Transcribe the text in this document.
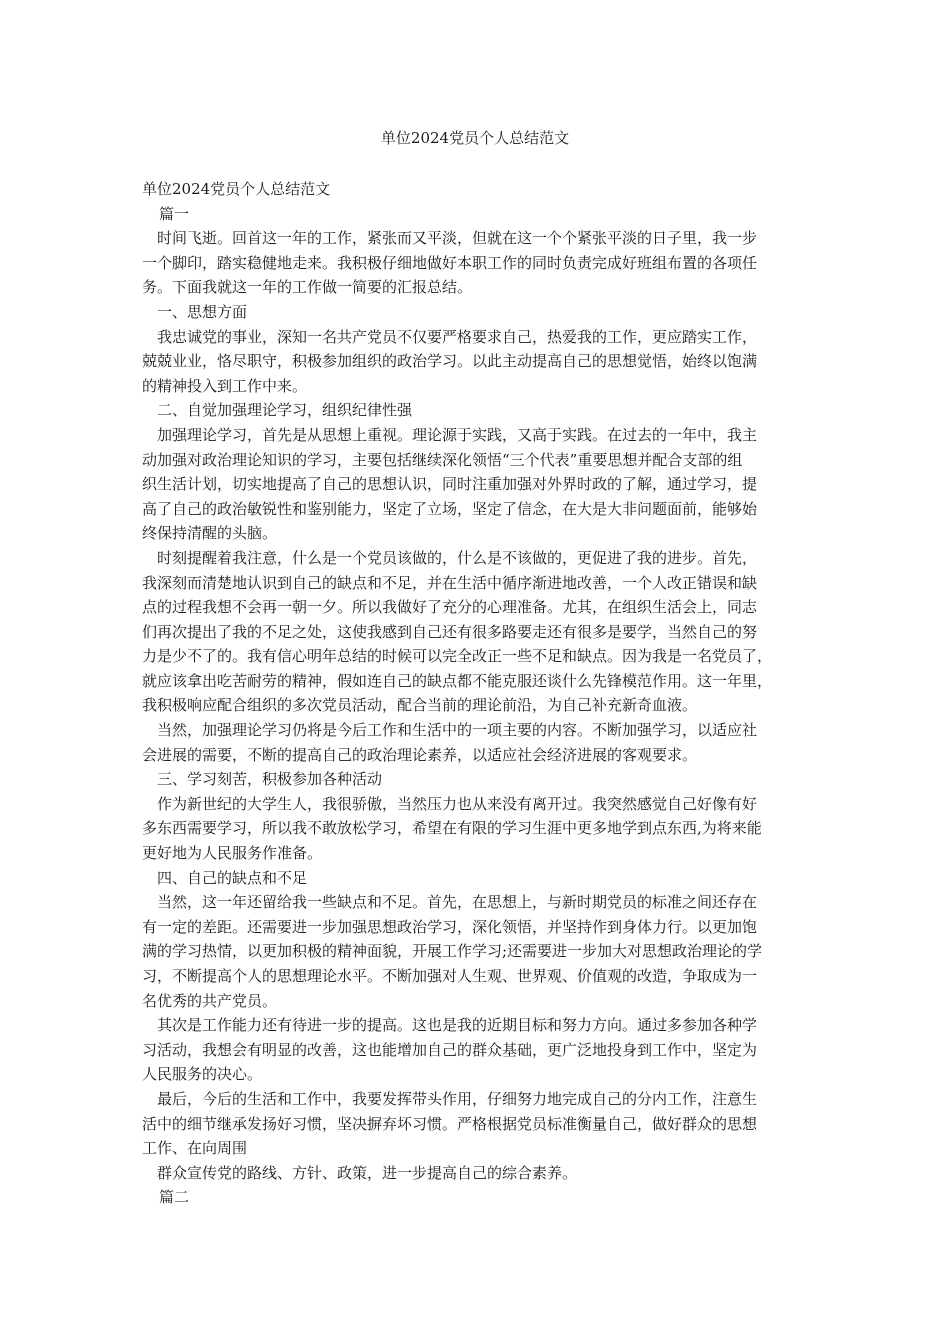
单位2024党员个人总结范文
单位2024党员个人总结范文
篇一
时间飞逝。回首这一年的工作，紧张而又平淡，但就在这一个个紧张平淡的日子里，我一步
一个脚印，踏实稳健地走来。我积极仔细地做好本职工作的同时负责完成好班组布置的各项任
务。下面我就这一年的工作做一简要的汇报总结。
一、思想方面
我忠诚党的事业，深知一名共产党员不仅要严格要求自己，热爱我的工作，更应踏实工作，
兢兢业业，恪尽职守，积极参加组织的政治学习。以此主动提高自己的思想觉悟，始终以饱满
的精神投入到工作中来。
二、自觉加强理论学习，组织纪律性强
加强理论学习，首先是从思想上重视。理论源于实践，又高于实践。在过去的一年中，我主
动加强对政治理论知识的学习，主要包括继续深化领悟“三个代表”重要思想并配合支部的组
织生活计划，切实地提高了自己的思想认识，同时注重加强对外界时政的了解，通过学习，提
高了自己的政治敏锐性和鉴别能力，坚定了立场，坚定了信念，在大是大非问题面前，能够始
终保持清醒的头脑。
时刻提醒着我注意，什么是一个党员该做的，什么是不该做的，更促进了我的进步。首先，
我深刻而清楚地认识到自己的缺点和不足，并在生活中循序渐进地改善，一个人改正错误和缺
点的过程我想不会再一朝一夕。所以我做好了充分的心理准备。尤其，在组织生活会上，同志
们再次提出了我的不足之处，这使我感到自己还有很多路要走还有很多是要学，当然自己的努
力是少不了的。我有信心明年总结的时候可以完全改正一些不足和缺点。因为我是一名党员了，
就应该拿出吃苦耐劳的精神，假如连自己的缺点都不能克服还谈什么先锋模范作用。这一年里，
我积极响应配合组织的多次党员活动，配合当前的理论前沿，为自己补充新奇血液。
当然，加强理论学习仍将是今后工作和生活中的一项主要的内容。不断加强学习，以适应社
会进展的需要，不断的提高自己的政治理论素养，以适应社会经济进展的客观要求。
三、学习刻苦，积极参加各种活动
作为新世纪的大学生人，我很骄傲，当然压力也从来没有离开过。我突然感觉自己好像有好
多东西需要学习，所以我不敢放松学习，希望在有限的学习生涯中更多地学到点东西,为将来能
更好地为人民服务作准备。
四、自己的缺点和不足
当然，这一年还留给我一些缺点和不足。首先，在思想上，与新时期党员的标准之间还存在
有一定的差距。还需要进一步加强思想政治学习，深化领悟，并坚持作到身体力行。以更加饱
满的学习热情，以更加积极的精神面貌，开展工作学习;还需要进一步加大对思想政治理论的学
习，不断提高个人的思想理论水平。不断加强对人生观、世界观、价值观的改造，争取成为一
名优秀的共产党员。
其次是工作能力还有待进一步的提高。这也是我的近期目标和努力方向。通过多参加各种学
习活动，我想会有明显的改善，这也能增加自己的群众基础，更广泛地投身到工作中，坚定为
人民服务的决心。
最后，今后的生活和工作中，我要发挥带头作用，仔细努力地完成自己的分内工作，注意生
活中的细节继承发扬好习惯，坚决摒弃坏习惯。严格根据党员标准衡量自己，做好群众的思想
工作、在向周围
群众宣传党的路线、方针、政策，进一步提高自己的综合素养。
篇二
